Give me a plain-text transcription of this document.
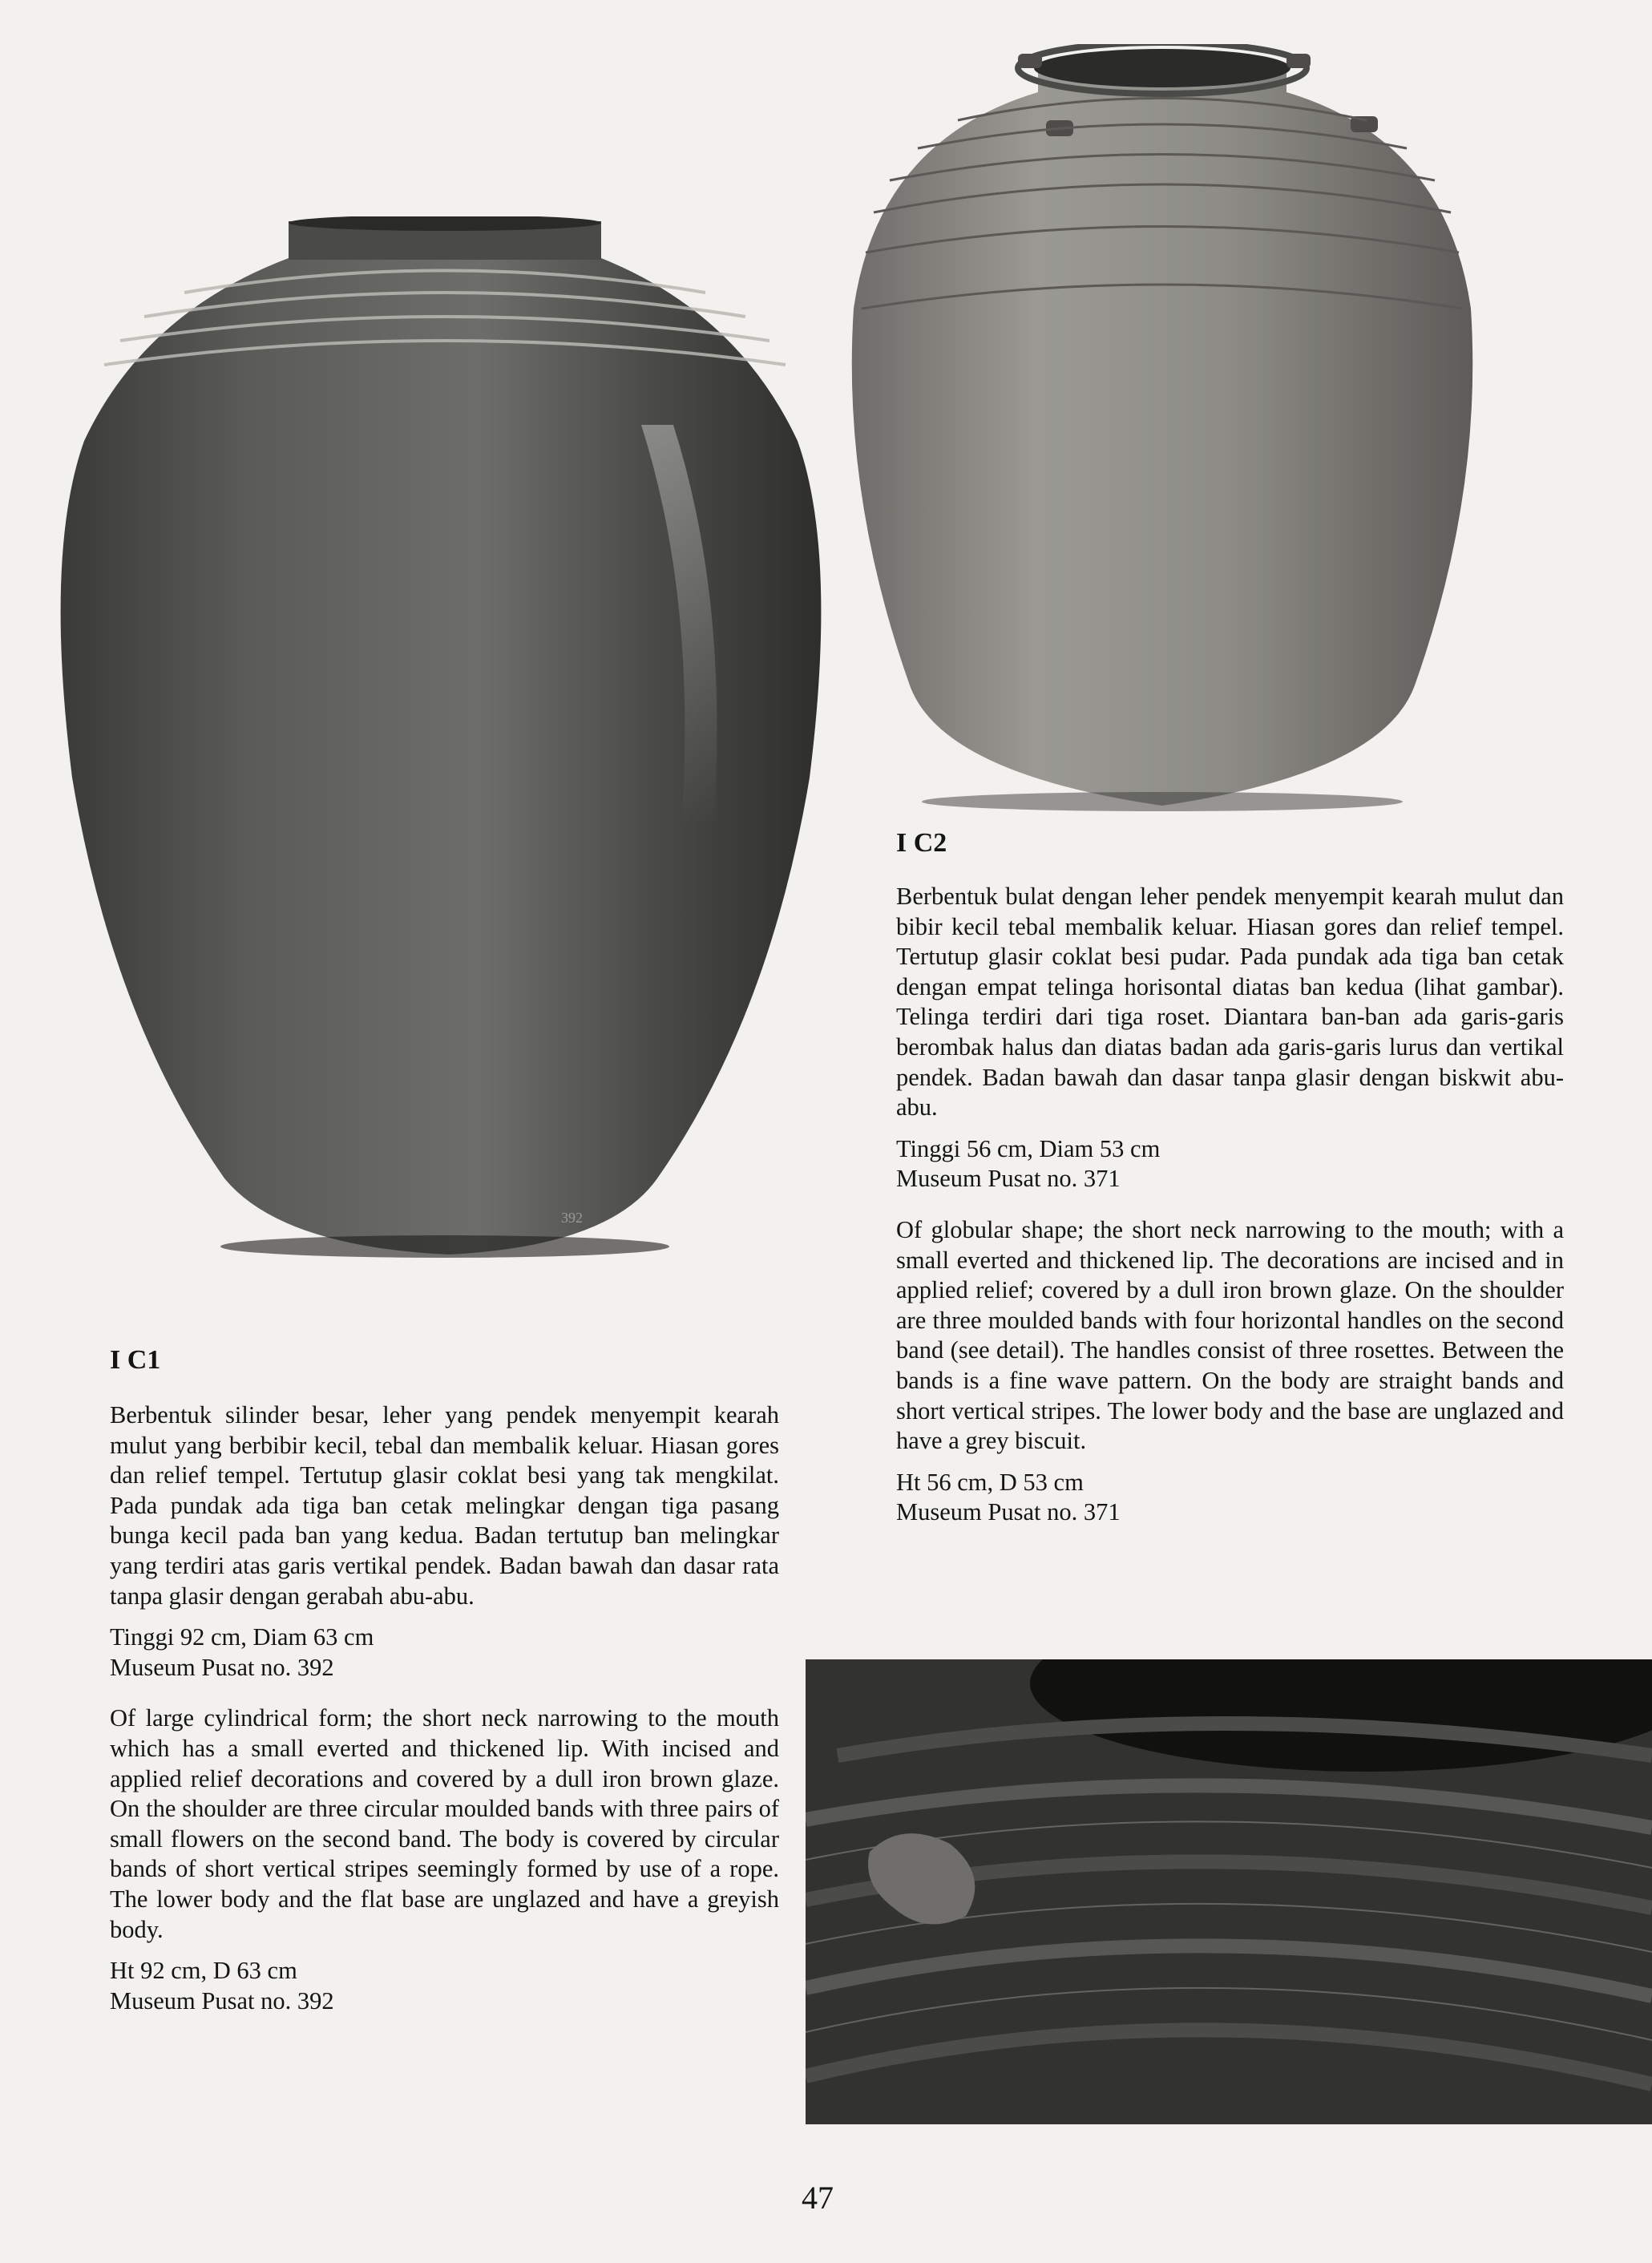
392
I C1

Berbentuk silinder besar, leher yang pendek menyempit kearah mulut yang berbibir kecil, tebal dan membalik keluar. Hiasan gores dan relief tempel. Tertutup glasir coklat besi yang tak mengkilat. Pada pundak ada tiga ban cetak melingkar dengan tiga pasang bunga kecil pada ban yang kedua. Badan tertutup ban melingkar yang terdiri atas garis vertikal pendek. Badan bawah dan dasar rata tanpa glasir dengan gerabah abu-abu.

Tinggi 92 cm, Diam 63 cm

Museum Pusat no. 392

Of large cylindrical form; the short neck narrowing to the mouth which has a small everted and thickened lip. With incised and applied relief decorations and covered by a dull iron brown glaze. On the shoulder are three circular moulded bands with three pairs of small flowers on the second band. The body is covered by circular bands of short vertical stripes seemingly formed by use of a rope. The lower body and the flat base are unglazed and have a greyish body.

Ht 92 cm, D 63 cm

Museum Pusat no. 392

I C2

Berbentuk bulat dengan leher pendek menyempit kearah mulut dan bibir kecil tebal membalik keluar. Hiasan gores dan relief tempel. Tertutup glasir coklat besi pudar. Pada pundak ada tiga ban cetak dengan empat telinga horisontal diatas ban kedua (lihat gambar). Telinga terdiri dari tiga roset. Diantara ban-ban ada garis-garis berombak halus dan diatas badan ada garis-garis lurus dan vertikal pendek. Badan bawah dan dasar tanpa glasir dengan biskwit abu-abu.

Tinggi 56 cm, Diam 53 cm

Museum Pusat no. 371

Of globular shape; the short neck narrowing to the mouth; with a small everted and thickened lip. The decorations are incised and in applied relief; covered by a dull iron brown glaze. On the shoulder are three moulded bands with four horizontal handles on the second band (see detail). The handles consist of three rosettes. Between the bands is a fine wave pattern. On the body are straight bands and short vertical stripes. The lower body and the base are unglazed and have a grey biscuit.

Ht 56 cm, D 53 cm

Museum Pusat no. 371

47
